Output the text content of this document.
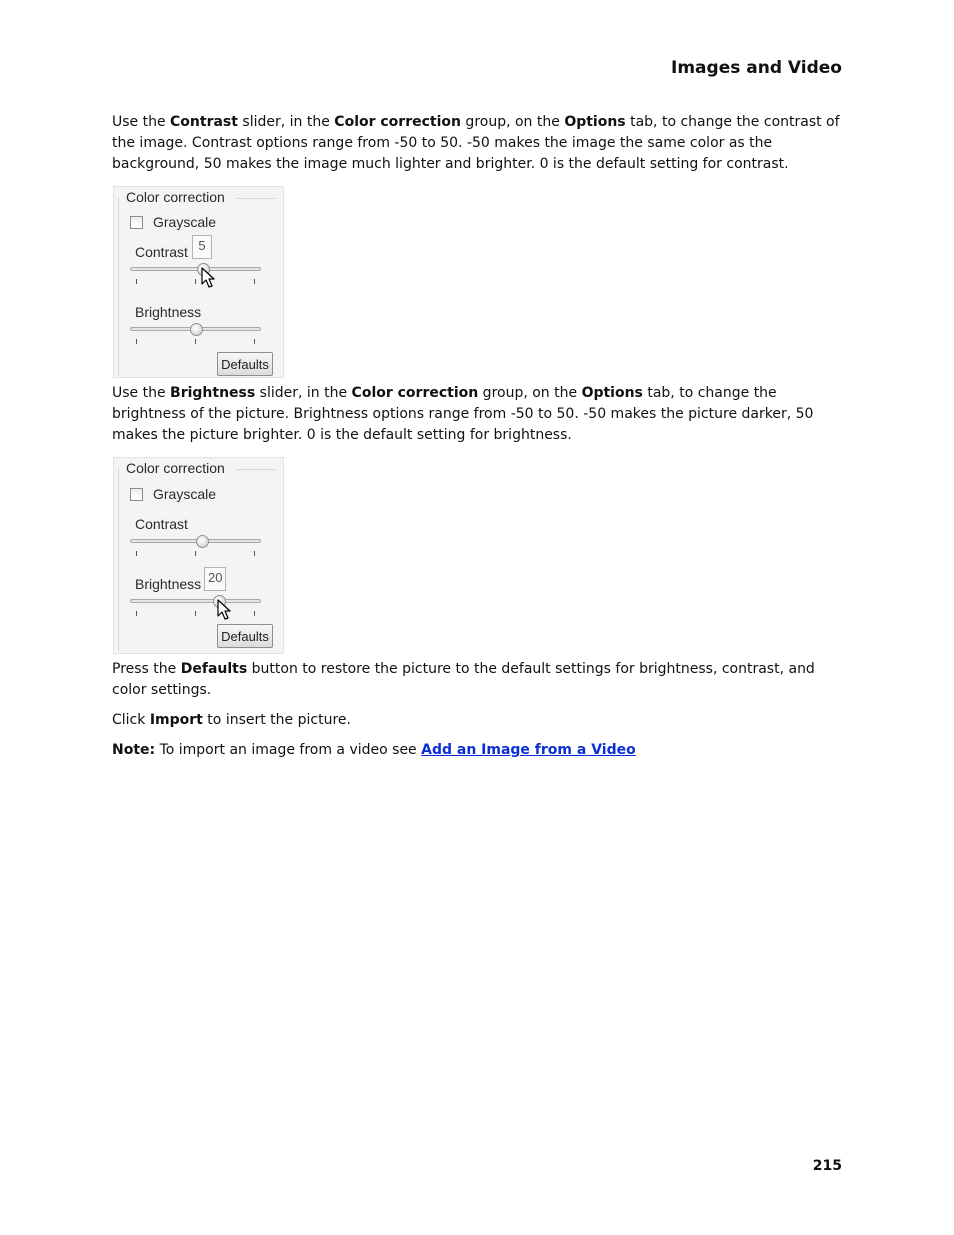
Images and Video

Use the Contrast slider, in the Color correction group, on the Options tab, to change the contrast of the image. Contrast options range from -50 to 50. -50 makes the image the same color as the background, 50 makes the image much lighter and brighter. 0 is the default setting for contrast.

Color correction
Grayscale
Contrast 5
Brightness
Defaults

Use the Brightness slider, in the Color correction group, on the Options tab, to change the brightness of the picture. Brightness options range from -50 to 50. -50 makes the picture darker, 50 makes the picture brighter. 0 is the default setting for brightness.

Color correction
Grayscale
Contrast
Brightness 20
Defaults

Press the Defaults button to restore the picture to the default settings for brightness, contrast, and color settings.

Click Import to insert the picture.

Note: To import an image from a video see Add an Image from a Video

215
